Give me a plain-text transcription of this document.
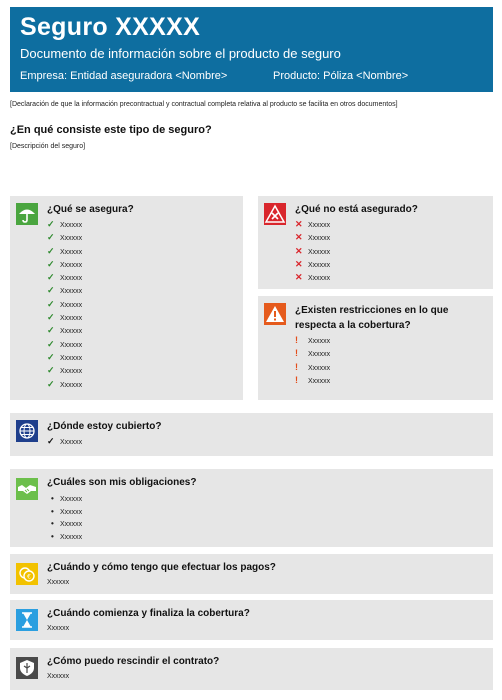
Seguro XXXXX
Documento de información sobre el producto de seguro
Empresa: Entidad aseguradora <Nombre>	Producto: Póliza <Nombre>
[Declaración de que la información precontractual y contractual completa relativa al producto se facilita en otros documentos]
¿En qué consiste este tipo de seguro?
[Descripción del seguro]
¿Qué se asegura?
✓ Xxxxxx
✓ Xxxxxx
✓ Xxxxxx
✓ Xxxxxx
✓ Xxxxxx
✓ Xxxxxx
✓ Xxxxxx
✓ Xxxxxx
✓ Xxxxxx
✓ Xxxxxx
✓ Xxxxxx
✓ Xxxxxx
✓ Xxxxxx
¿Qué no está asegurado?
✕ Xxxxxx
✕ Xxxxxx
✕ Xxxxxx
✕ Xxxxxx
✕ Xxxxxx
¿Existen restricciones en lo que
respecta a la cobertura?
! Xxxxxx
! Xxxxxx
! Xxxxxx
! Xxxxxx
¿Dónde estoy cubierto?
✓ Xxxxxx
¿Cuáles son mis obligaciones?
• Xxxxxx
• Xxxxxx
• Xxxxxx
• Xxxxxx
€
¿Cuándo y cómo tengo que efectuar los pagos?
Xxxxxx
¿Cuándo comienza y finaliza la cobertura?
Xxxxxx
¿Cómo puedo rescindir el contrato?
Xxxxxx
